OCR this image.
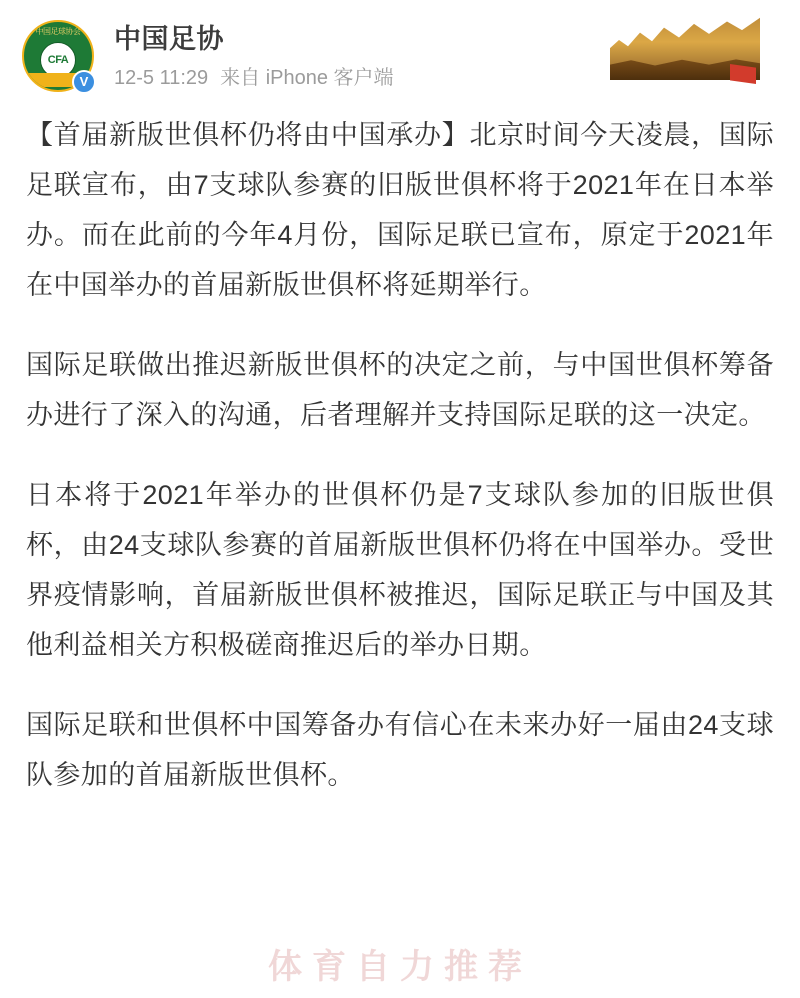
中国足球协会
CFA
V
中国足协
12-5 11:29 来自 iPhone 客户端
✝

【首届新版世俱杯仍将由中国承办】北京时间今天凌晨，国际足联宣布，由7支球队参赛的旧版世俱杯将于2021年在日本举办。而在此前的今年4月份，国际足联已宣布，原定于2021年在中国举办的首届新版世俱杯将延期举行。

国际足联做出推迟新版世俱杯的决定之前，与中国世俱杯筹备办进行了深入的沟通，后者理解并支持国际足联的这一决定。

日本将于2021年举办的世俱杯仍是7支球队参加的旧版世俱杯，由24支球队参赛的首届新版世俱杯仍将在中国举办。受世界疫情影响，首届新版世俱杯被推迟，国际足联正与中国及其他利益相关方积极磋商推迟后的举办日期。

国际足联和世俱杯中国筹备办有信心在未来办好一届由24支球队参加的首届新版世俱杯。

体育自力推荐
